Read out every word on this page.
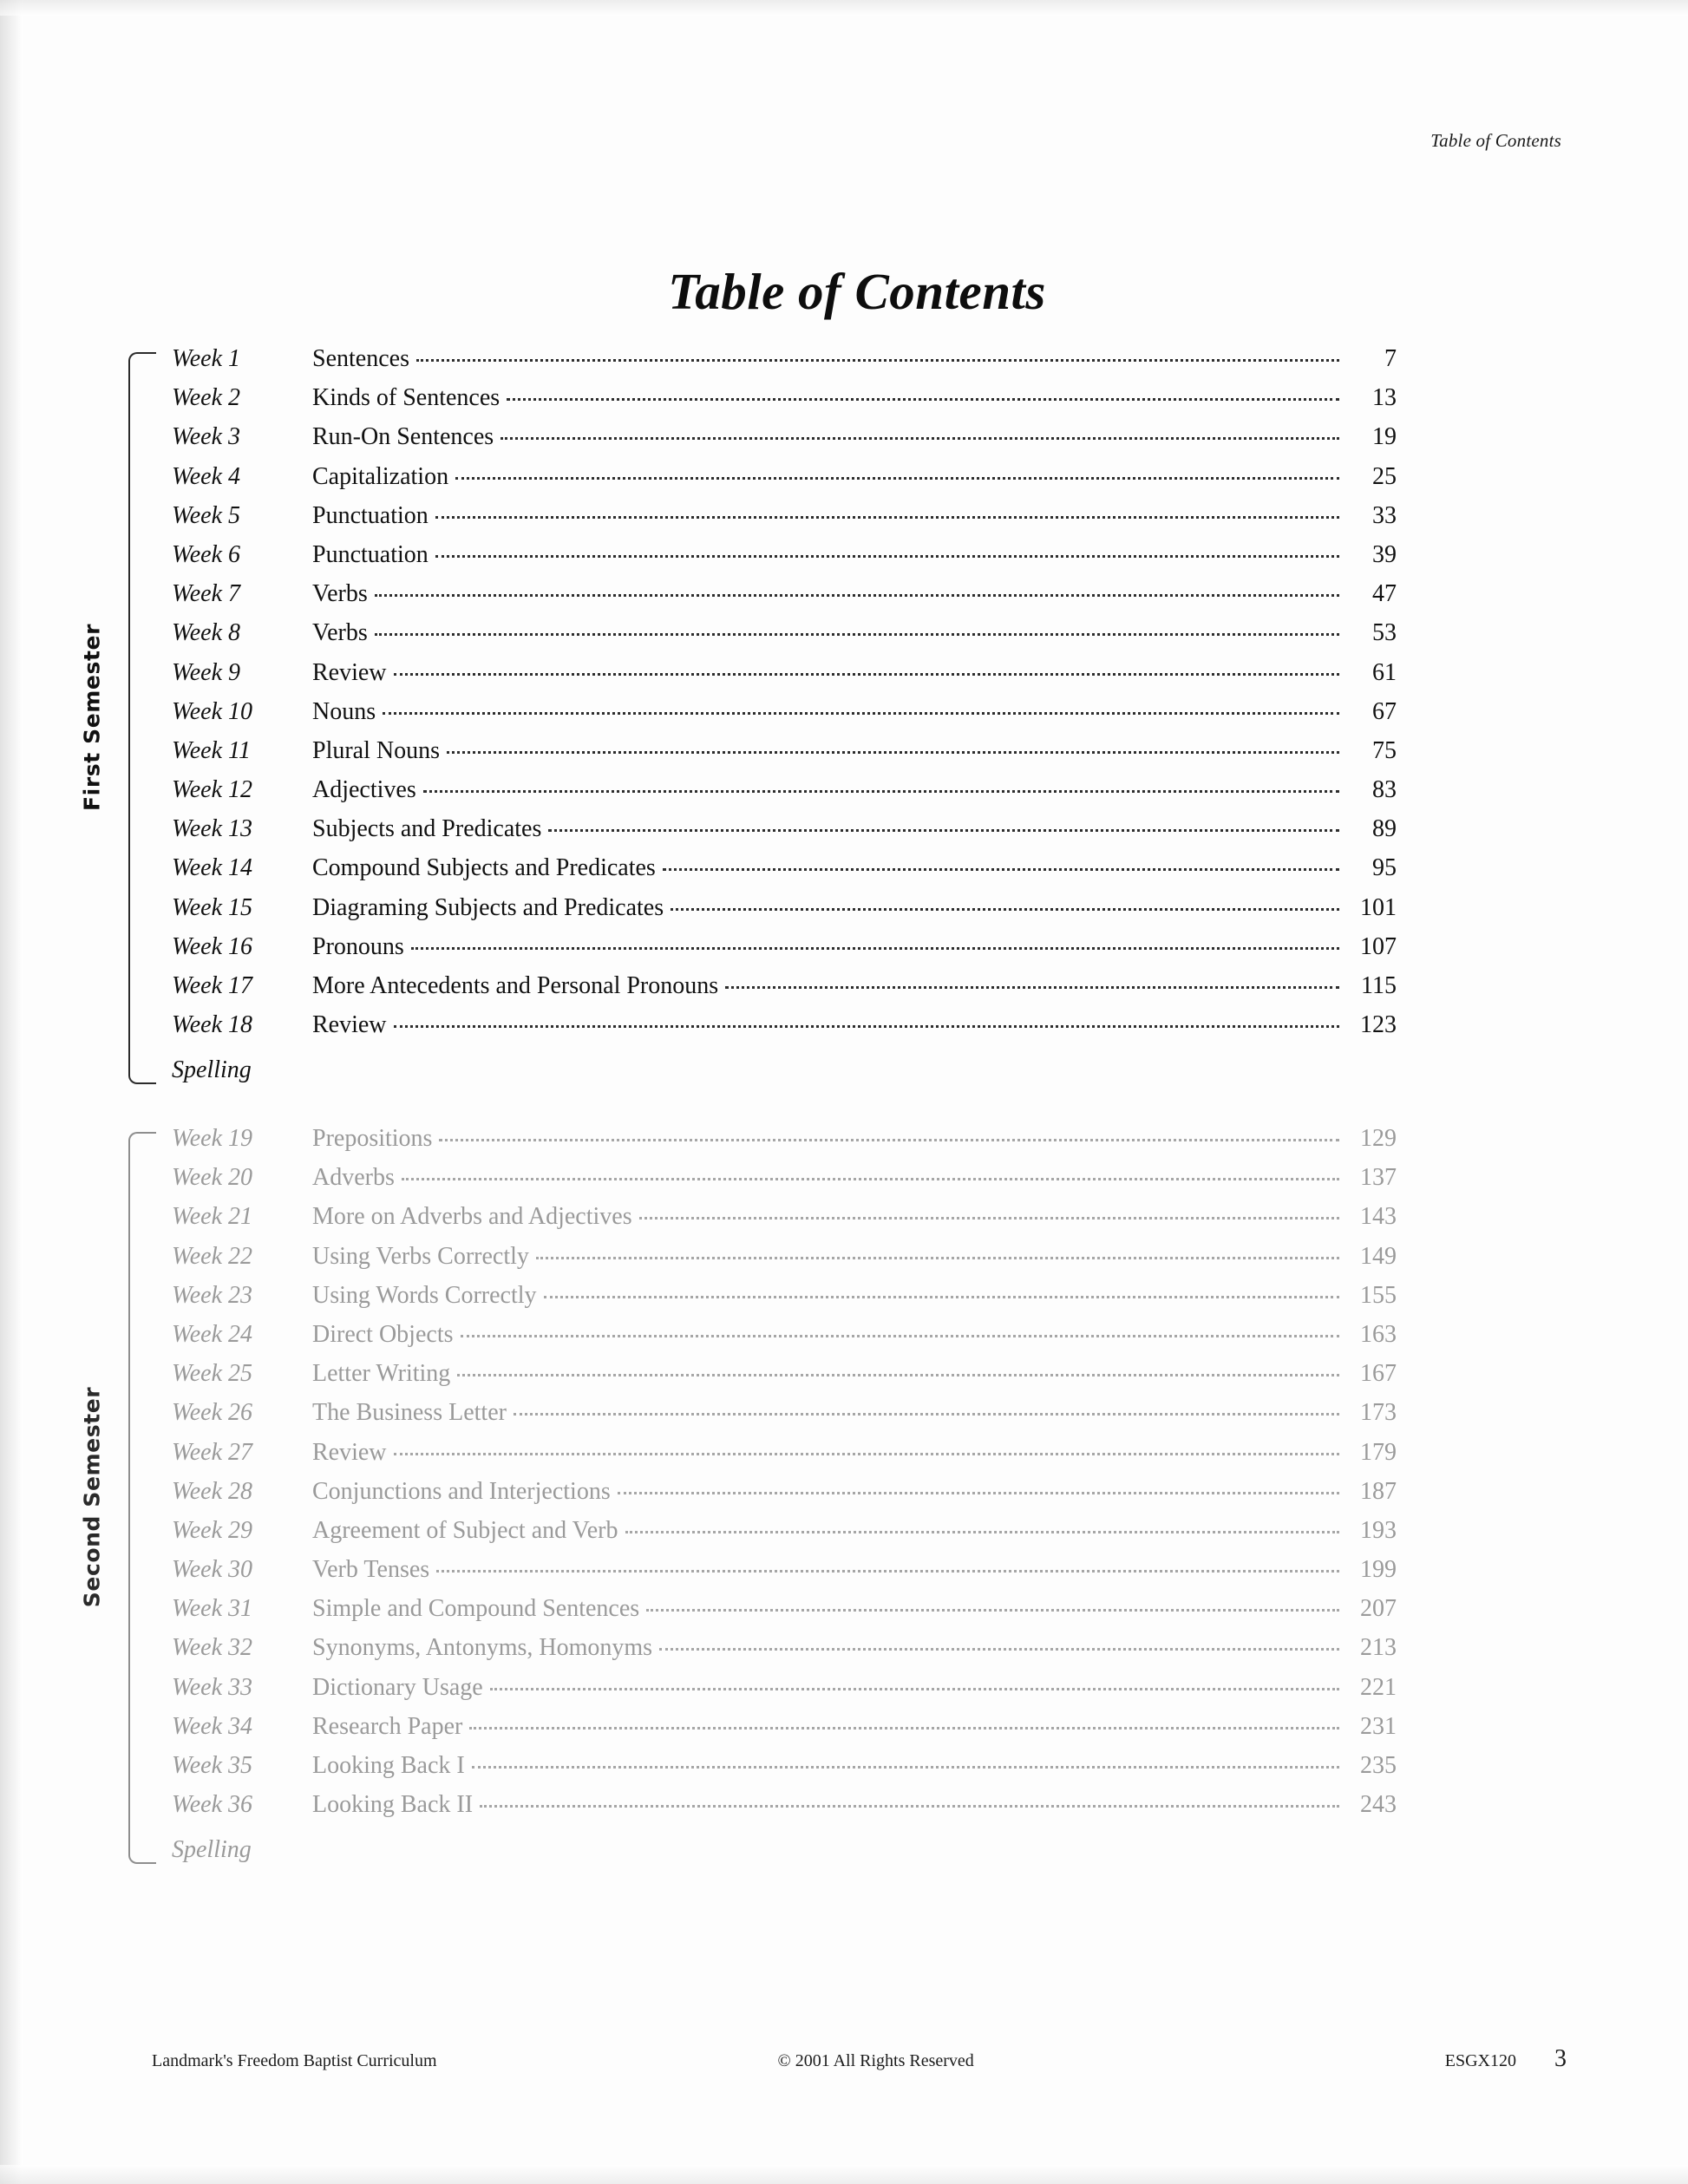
Table of Contents
Table of Contents
First Semester
Week 1	Sentences	7
Week 2	Kinds of Sentences	13
Week 3	Run-On Sentences	19
Week 4	Capitalization	25
Week 5	Punctuation	33
Week 6	Punctuation	39
Week 7	Verbs	47
Week 8	Verbs	53
Week 9	Review	61
Week 10	Nouns	67
Week 11	Plural Nouns	75
Week 12	Adjectives	83
Week 13	Subjects and Predicates	89
Week 14	Compound Subjects and Predicates	95
Week 15	Diagraming Subjects and Predicates	101
Week 16	Pronouns	107
Week 17	More Antecedents and Personal Pronouns	115
Week 18	Review	123
Spelling
Second Semester
Week 19	Prepositions	129
Week 20	Adverbs	137
Week 21	More on Adverbs and Adjectives	143
Week 22	Using Verbs Correctly	149
Week 23	Using Words Correctly	155
Week 24	Direct Objects	163
Week 25	Letter Writing	167
Week 26	The Business Letter	173
Week 27	Review	179
Week 28	Conjunctions and Interjections	187
Week 29	Agreement of Subject and Verb	193
Week 30	Verb Tenses	199
Week 31	Simple and Compound Sentences	207
Week 32	Synonyms, Antonyms, Homonyms	213
Week 33	Dictionary Usage	221
Week 34	Research Paper	231
Week 35	Looking Back I	235
Week 36	Looking Back II	243
Spelling
Landmark's Freedom Baptist Curriculum	© 2001 All Rights Reserved	ESGX120 3
